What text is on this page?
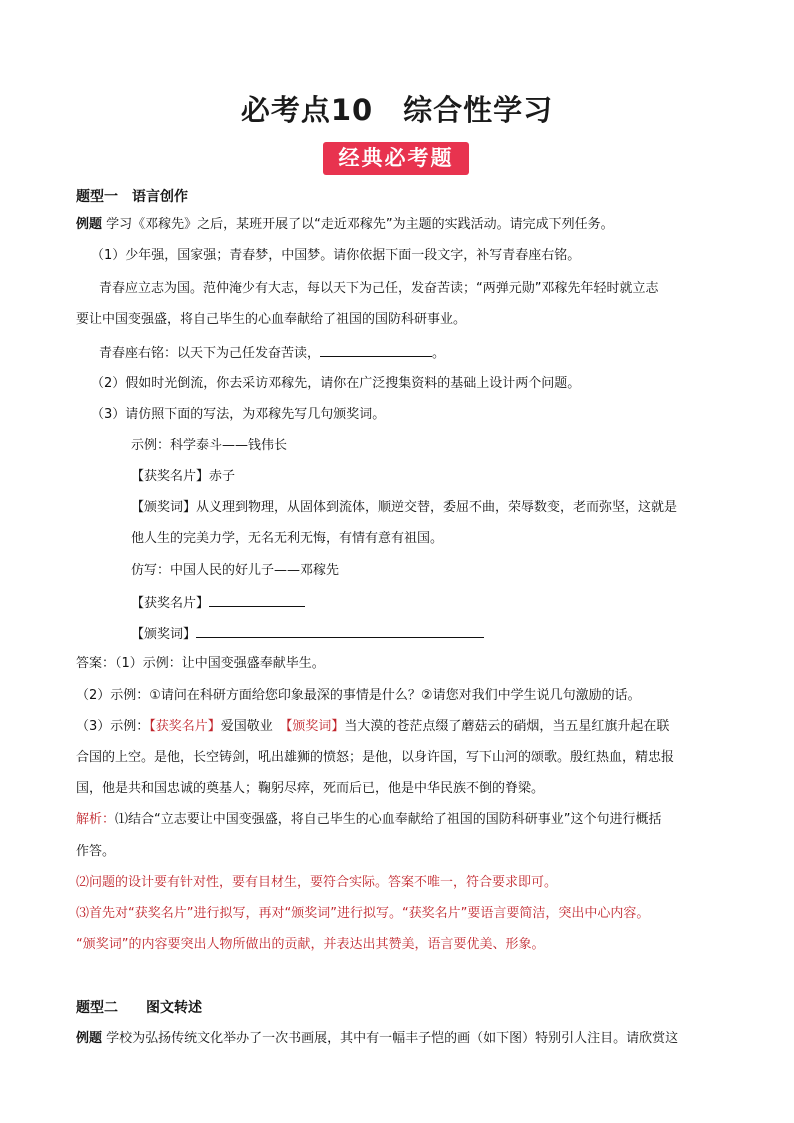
必考点10　综合性学习
经典必考题
题型一　语言创作
例题 学习《邓稼先》之后，某班开展了以“走近邓稼先”为主题的实践活动。请完成下列任务。
（1）少年强，国家强；青春梦，中国梦。请你依据下面一段文字，补写青春座右铭。
青春应立志为国。范仲淹少有大志，每以天下为己任，发奋苦读；“两弹元勋”邓稼先年轻时就立志
要让中国变强盛，将自己毕生的心血奉献给了祖国的国防科研事业。
青春座右铭：以天下为己任发奋苦读，	。
（2）假如时光倒流，你去采访邓稼先，请你在广泛搜集资料的基础上设计两个问题。
（3）请仿照下面的写法，为邓稼先写几句颁奖词。
示例：科学泰斗——钱伟长
【获奖名片】赤子
【颁奖词】从义理到物理，从固体到流体，顺逆交替，委屈不曲，荣辱数变，老而弥坚，这就是
他人生的完美力学，无名无利无悔，有情有意有祖国。
仿写：中国人民的好儿子——邓稼先
【获奖名片】
【颁奖词】
答案：（1）示例：让中国变强盛奉献毕生。
（2）示例：①请问在科研方面给您印象最深的事情是什么？②请您对我们中学生说几句激励的话。
（3）示例：【获奖名片】爱国敬业　【颁奖词】当大漠的苍茫点缀了蘑菇云的硝烟，当五星红旗升起在联
合国的上空。是他，长空铸剑，吼出雄狮的愤怒；是他，以身许国，写下山河的颂歌。殷红热血，精忠报
国，他是共和国忠诚的奠基人；鞠躬尽瘁，死而后已，他是中华民族不倒的脊梁。
解析：⑴结合“立志要让中国变强盛，将自己毕生的心血奉献给了祖国的国防科研事业”这个句进行概括
作答。
⑵问题的设计要有针对性，要有目材生，要符合实际。答案不唯一，符合要求即可。
⑶首先对“获奖名片”进行拟写，再对“颁奖词”进行拟写。“获奖名片”要语言要简洁，突出中心内容。
“颁奖词”的内容要突出人物所做出的贡献，并表达出其赞美，语言要优美、形象。
题型二　　图文转述
例题 学校为弘扬传统文化举办了一次书画展，其中有一幅丰子恺的画（如下图）特别引人注目。请欣赏这
